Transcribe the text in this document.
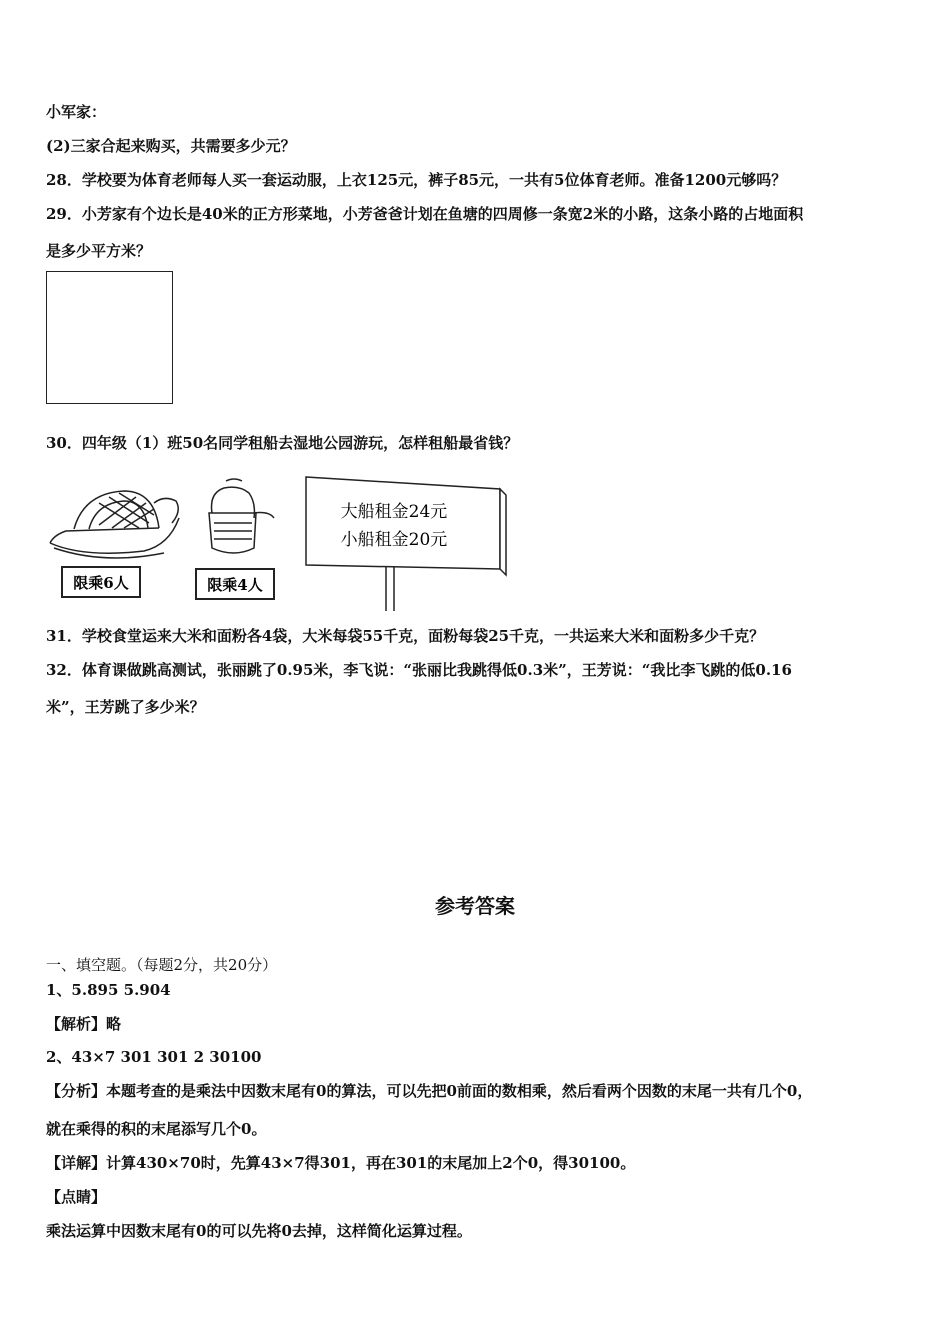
小军家：
(2)三家合起来购买，共需要多少元？
28．学校要为体育老师每人买一套运动服，上衣125元，裤子85元，一共有5位体育老师。准备1200元够吗？
29．小芳家有个边长是40米的正方形菜地，小芳爸爸计划在鱼塘的四周修一条宽2米的小路，这条小路的占地面积
是多少平方米？
30．四年级（1）班50名同学租船去湿地公园游玩，怎样租船最省钱？
限乘6人	限乘4人
大船租金24元
小船租金20元
31．学校食堂运来大米和面粉各4袋，大米每袋55千克，面粉每袋25千克，一共运来大米和面粉多少千克？
32．体育课做跳高测试，张丽跳了0.95米，李飞说：“张丽比我跳得低0.3米”，王芳说：“我比李飞跳的低0.16
米”，王芳跳了多少米？
参考答案
一、填空题。（每题2分，共20分）
1、5.895 5.904
【解析】略
2、43×7 301 301 2 30100
【分析】本题考查的是乘法中因数末尾有0的算法，可以先把0前面的数相乘，然后看两个因数的末尾一共有几个0，
就在乘得的积的末尾添写几个0。
【详解】计算430×70时，先算43×7得301，再在301的末尾加上2个0，得30100。
【点睛】
乘法运算中因数末尾有0的可以先将0去掉，这样简化运算过程。
